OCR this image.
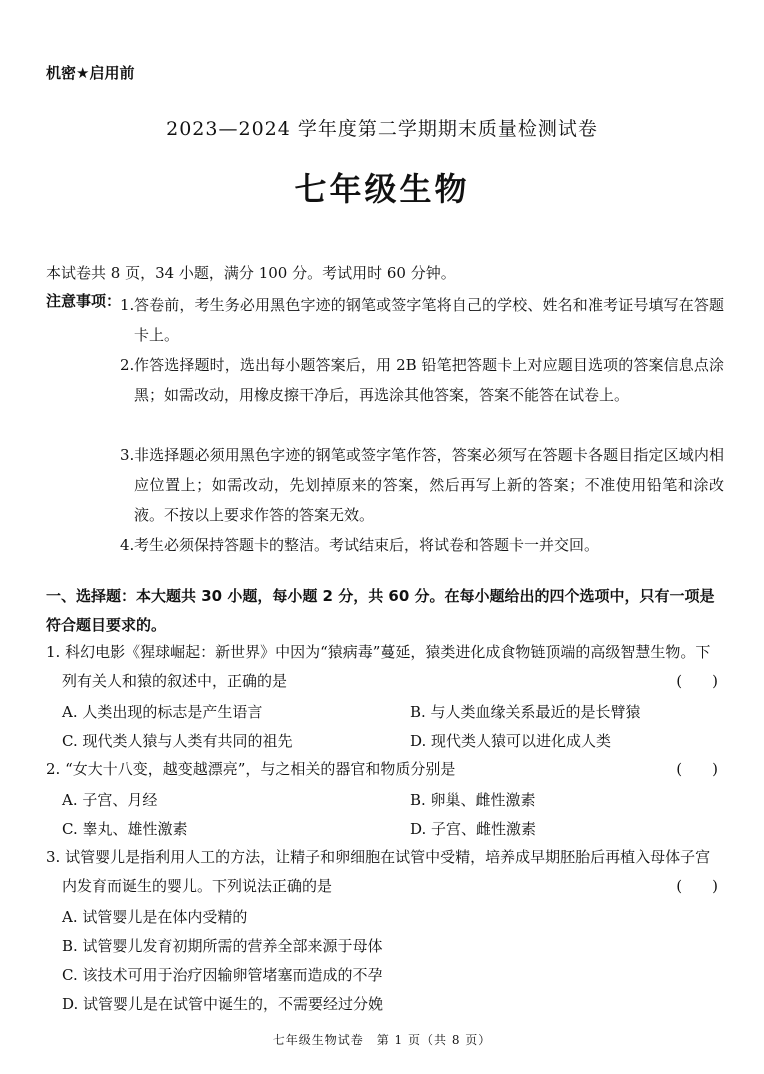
机密★启用前
2023—2024 学年度第二学期期末质量检测试卷
七年级生物
本试卷共 8 页，34 小题，满分 100 分。考试用时 60 分钟。
注意事项：
1. 答卷前，考生务必用黑色字迹的钢笔或签字笔将自己的学校、姓名和准考证号填写在答题卡上。
2. 作答选择题时，选出每小题答案后，用 2B 铅笔把答题卡上对应题目选项的答案信息点涂黑；如需改动，用橡皮擦干净后，再选涂其他答案，答案不能答在试卷上。
3. 非选择题必须用黑色字迹的钢笔或签字笔作答，答案必须写在答题卡各题目指定区域内相应位置上；如需改动，先划掉原来的答案，然后再写上新的答案；不准使用铅笔和涂改液。不按以上要求作答的答案无效。
4. 考生必须保持答题卡的整洁。考试结束后，将试卷和答题卡一并交回。
一、选择题：本大题共 30 小题，每小题 2 分，共 60 分。在每小题给出的四个选项中，只有一项是符合题目要求的。
1. 科幻电影《猩球崛起：新世界》中因为“猿病毒”蔓延，猿类进化成食物链顶端的高级智慧生物。下列有关人和猿的叙述中，正确的是	(　　)
A. 人类出现的标志是产生语言	B. 与人类血缘关系最近的是长臂猿
C. 现代类人猿与人类有共同的祖先	D. 现代类人猿可以进化成人类
2. “女大十八变，越变越漂亮”，与之相关的器官和物质分别是	(　　)
A. 子宫、月经	B. 卵巢、雌性激素
C. 睾丸、雄性激素	D. 子宫、雌性激素
3. 试管婴儿是指利用人工的方法，让精子和卵细胞在试管中受精，培养成早期胚胎后再植入母体子宫内发育而诞生的婴儿。下列说法正确的是	(　　)
A. 试管婴儿是在体内受精的
B. 试管婴儿发育初期所需的营养全部来源于母体
C. 该技术可用于治疗因输卵管堵塞而造成的不孕
D. 试管婴儿是在试管中诞生的，不需要经过分娩
七年级生物试卷　第 1 页（共 8 页）
